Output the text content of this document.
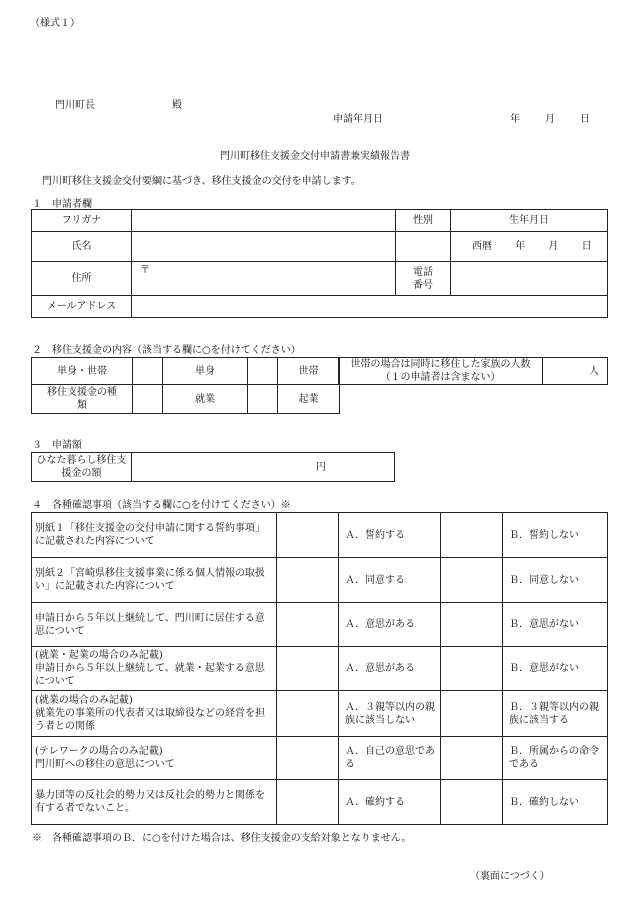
（様式１）
門川町長	殿
申請年月日	年	月	日
門川町移住支援金交付申請書兼実績報告書
門川町移住支援金交付要綱に基づき、移住支援金の交付を申請します。
１　申請者欄
フリガナ		性別	生年月日
氏名			西暦 年 月 日
住所	〒	電話番号	
メールアドレス			
２　移住支援金の内容（該当する欄に○を付けてください）
単身・世帯		単身		世帯
移住支援金の種類		就業		起業
世帯の場合は同時に移住した家族の人数（１の申請者は含まない）	人
３　申請額
ひなた暮らし移住支援金の額	円
４　各種確認事項（該当する欄に○を付けてください）※
別紙１「移住支援金の交付申請に関する誓約事項」に記載された内容について		Ａ．誓約する		Ｂ．誓約しない
別紙２「宮崎県移住支援事業に係る個人情報の取扱い」に記載された内容について		Ａ．同意する		Ｂ．同意しない
申請日から５年以上継続して、門川町に居住する意思について		Ａ．意思がある		Ｂ．意思がない
(就業・起業の場合のみ記載)
申請日から５年以上継続して、就業・起業する意思について		Ａ．意思がある		Ｂ．意思がない
(就業の場合のみ記載)
就業先の事業所の代表者又は取締役などの経営を担う者との関係		Ａ．３親等以内の親族に該当しない		Ｂ．３親等以内の親族に該当する
(テレワークの場合のみ記載)
門川町への移住の意思について		Ａ．自己の意思である		Ｂ．所属からの命令である
暴力団等の反社会的勢力又は反社会的勢力と関係を有する者でないこと。		Ａ．確約する		Ｂ．確約しない
※　各種確認事項のＢ．に○を付けた場合は、移住支援金の支給対象となりません。
（裏面につづく）
